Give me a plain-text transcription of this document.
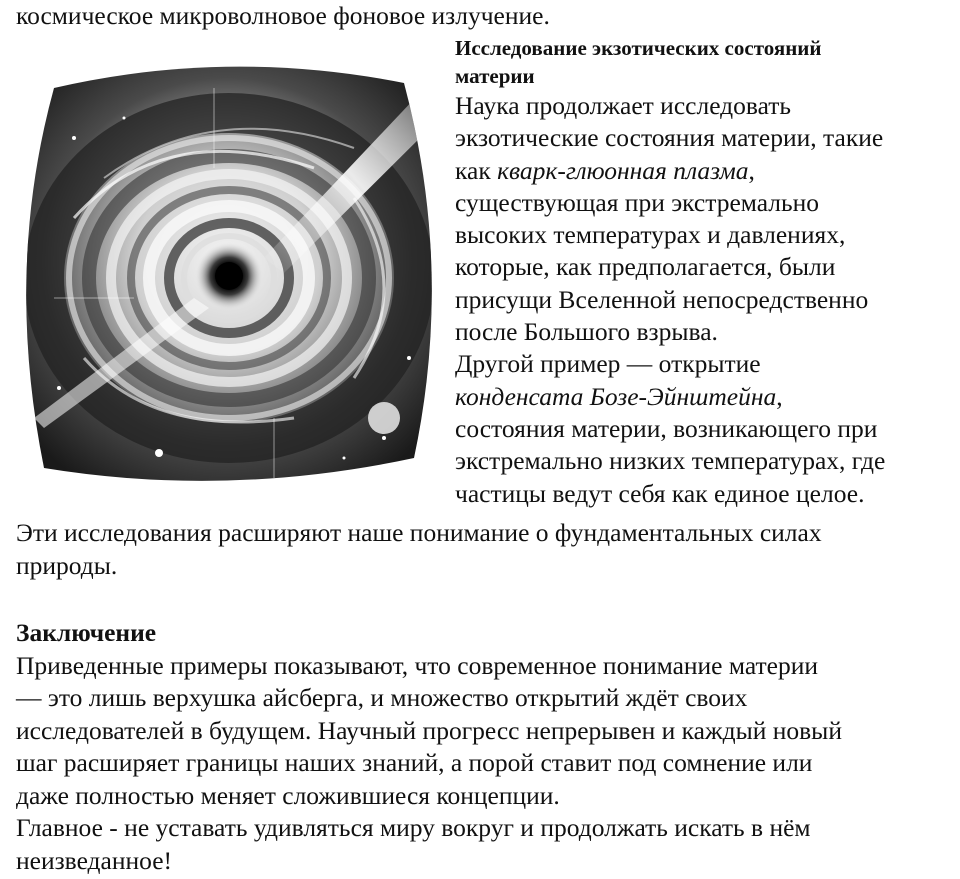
космическое микроволновое фоновое излучение.
Исследование экзотических состояний
материи
Наука продолжает исследовать
экзотические состояния материи, такие
как кварк-глюонная плазма,
существующая при экстремально
высоких температурах и давлениях,
которые, как предполагается, были
присущи Вселенной непосредственно
после Большого взрыва.
Другой пример — открытие
конденсата Бозе-Эйнштейна,
состояния материи, возникающего при
экстремально низких температурах, где
частицы ведут себя как единое целое.
Эти исследования расширяют наше понимание о фундаментальных силах
природы.
Заключение
Приведенные примеры показывают, что современное понимание материи
— это лишь верхушка айсберга, и множество открытий ждёт своих
исследователей в будущем. Научный прогресс непрерывен и каждый новый
шаг расширяет границы наших знаний, а порой ставит под сомнение или
даже полностью меняет сложившиеся концепции.
Главное - не уставать удивляться миру вокруг и продолжать искать в нём
неизведанное!
